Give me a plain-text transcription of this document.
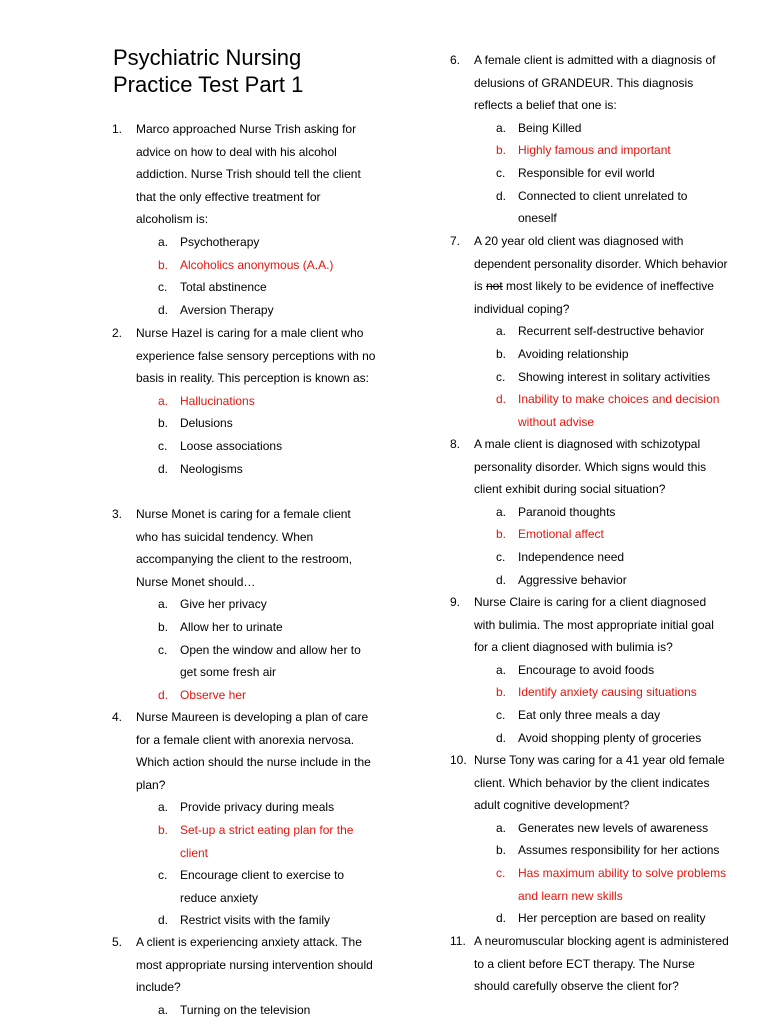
Psychiatric Nursing
Practice Test Part 1
1.	Marco approached Nurse Trish asking for advice on how to deal with his alcohol addiction. Nurse Trish should tell the client that the only effective treatment for alcoholism is:
a. Psychotherapy
b. Alcoholics anonymous (A.A.)
c. Total abstinence
d. Aversion Therapy
2.	Nurse Hazel is caring for a male client who experience false sensory perceptions with no basis in reality. This perception is known as:
a. Hallucinations
b. Delusions
c. Loose associations
d. Neologisms
3.	Nurse Monet is caring for a female client who has suicidal tendency. When accompanying the client to the restroom, Nurse Monet should…
a. Give her privacy
b. Allow her to urinate
c. Open the window and allow her to get some fresh air
d. Observe her
4.	Nurse Maureen is developing a plan of care for a female client with anorexia nervosa. Which action should the nurse include in the plan?
a. Provide privacy during meals
b. Set-up a strict eating plan for the client
c. Encourage client to exercise to reduce anxiety
d. Restrict visits with the family
5.	A client is experiencing anxiety attack. The most appropriate nursing intervention should include?
a. Turning on the television
6.	A female client is admitted with a diagnosis of delusions of GRANDEUR. This diagnosis reflects a belief that one is:
a. Being Killed
b. Highly famous and important
c. Responsible for evil world
d. Connected to client unrelated to oneself
7.	A 20 year old client was diagnosed with dependent personality disorder. Which behavior is not most likely to be evidence of ineffective individual coping?
a. Recurrent self-destructive behavior
b. Avoiding relationship
c. Showing interest in solitary activities
d. Inability to make choices and decision without advise
8.	A male client is diagnosed with schizotypal personality disorder. Which signs would this client exhibit during social situation?
a. Paranoid thoughts
b. Emotional affect
c. Independence need
d. Aggressive behavior
9.	Nurse Claire is caring for a client diagnosed with bulimia. The most appropriate initial goal for a client diagnosed with bulimia is?
a. Encourage to avoid foods
b. Identify anxiety causing situations
c. Eat only three meals a day
d. Avoid shopping plenty of groceries
10. Nurse Tony was caring for a 41 year old female client. Which behavior by the client indicates adult cognitive development?
a. Generates new levels of awareness
b. Assumes responsibility for her actions
c. Has maximum ability to solve problems and learn new skills
d. Her perception are based on reality
11. A neuromuscular blocking agent is administered to a client before ECT therapy. The Nurse should carefully observe the client for?
